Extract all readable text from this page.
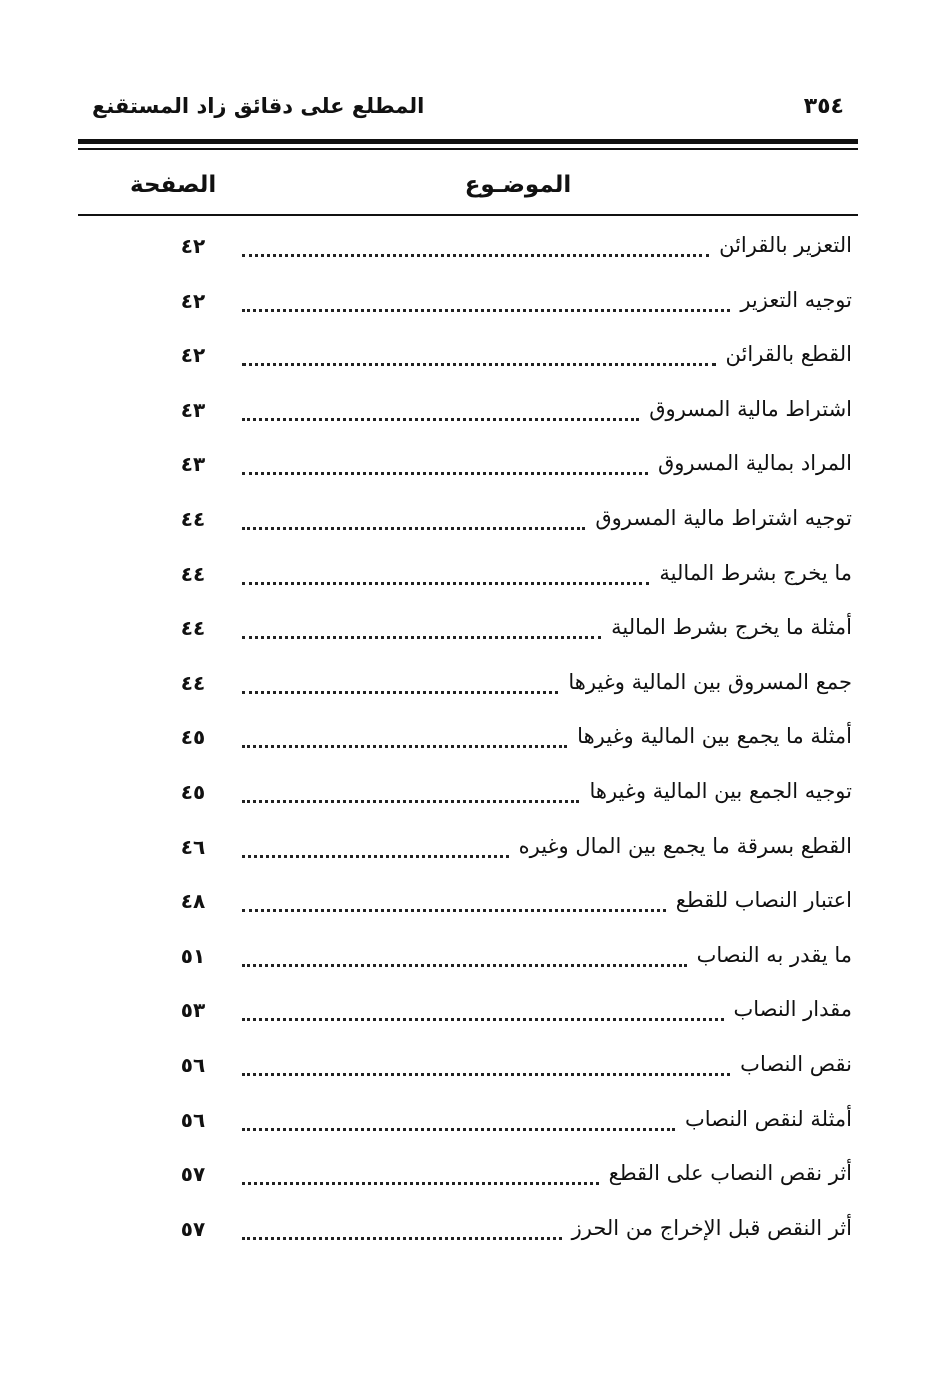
٣٥٤
المطلع على دقائق زاد المستقنع
الموضـوع
الصفحة
التعزير بالقرائن
٤٢
توجيه التعزير
٤٢
القطع بالقرائن
٤٢
اشتراط مالية المسروق
٤٣
المراد بمالية المسروق
٤٣
توجيه اشتراط مالية المسروق
٤٤
ما يخرج بشرط المالية
٤٤
أمثلة ما يخرج بشرط المالية
٤٤
جمع المسروق بين المالية وغيرها
٤٤
أمثلة ما يجمع بين المالية وغيرها
٤٥
توجيه الجمع بين المالية وغيرها
٤٥
القطع بسرقة ما يجمع بين المال وغيره
٤٦
اعتبار النصاب للقطع
٤٨
ما يقدر به النصاب
٥١
مقدار النصاب
٥٣
نقص النصاب
٥٦
أمثلة لنقص النصاب
٥٦
أثر نقص النصاب على القطع
٥٧
أثر النقص قبل الإخراج من الحرز
٥٧
